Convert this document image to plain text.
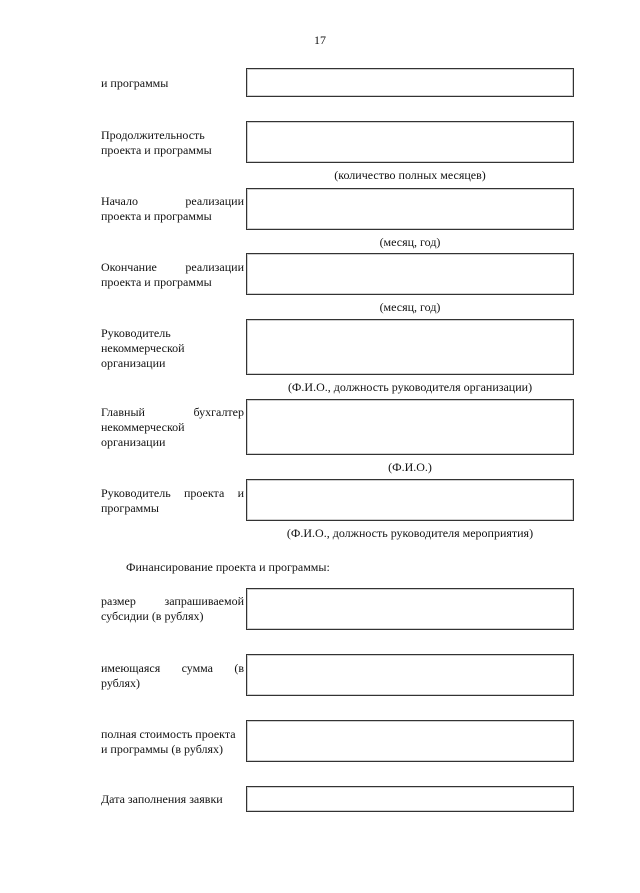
17
и программы
Продолжительность
проекта и программы
(количество полных месяцев)
Начало реализации
проекта и программы
(месяц, год)
Окончание реализации
проекта и программы
(месяц, год)
Руководитель
некоммерческой
организации
(Ф.И.О., должность руководителя организации)
Главный бухгалтер
некоммерческой
организации
(Ф.И.О.)
Руководитель проекта и
программы
(Ф.И.О., должность руководителя мероприятия)
Финансирование проекта и программы:
размер запрашиваемой
субсидии (в рублях)
имеющаяся сумма (в
рублях)
полная стоимость проекта
и программы (в рублях)
Дата заполнения заявки
